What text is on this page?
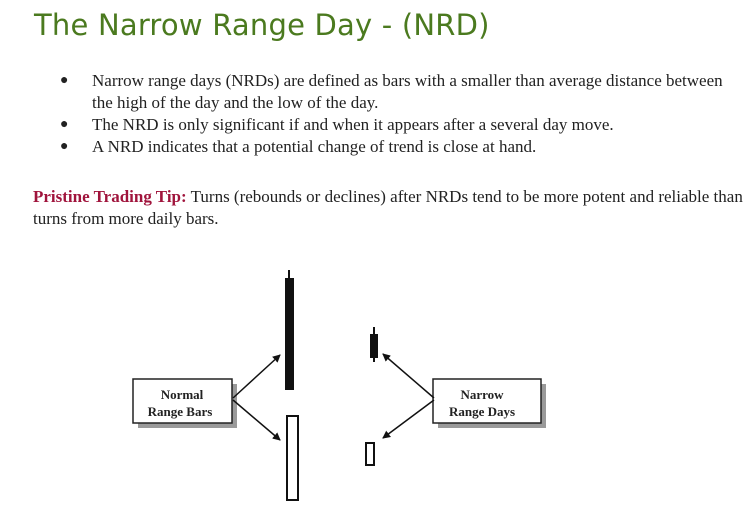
The Narrow Range Day - (NRD)
● Narrow range days (NRDs) are defined as bars with a smaller than average distance between the high of the day and the low of the day.
● The NRD is only significant if and when it appears after a several day move.
● A NRD indicates that a potential change of trend is close at hand.
Pristine Trading Tip: Turns (rebounds or declines) after NRDs tend to be more potent and reliable than turns from more daily bars.
Normal
Range Bars
Narrow
Range Days
